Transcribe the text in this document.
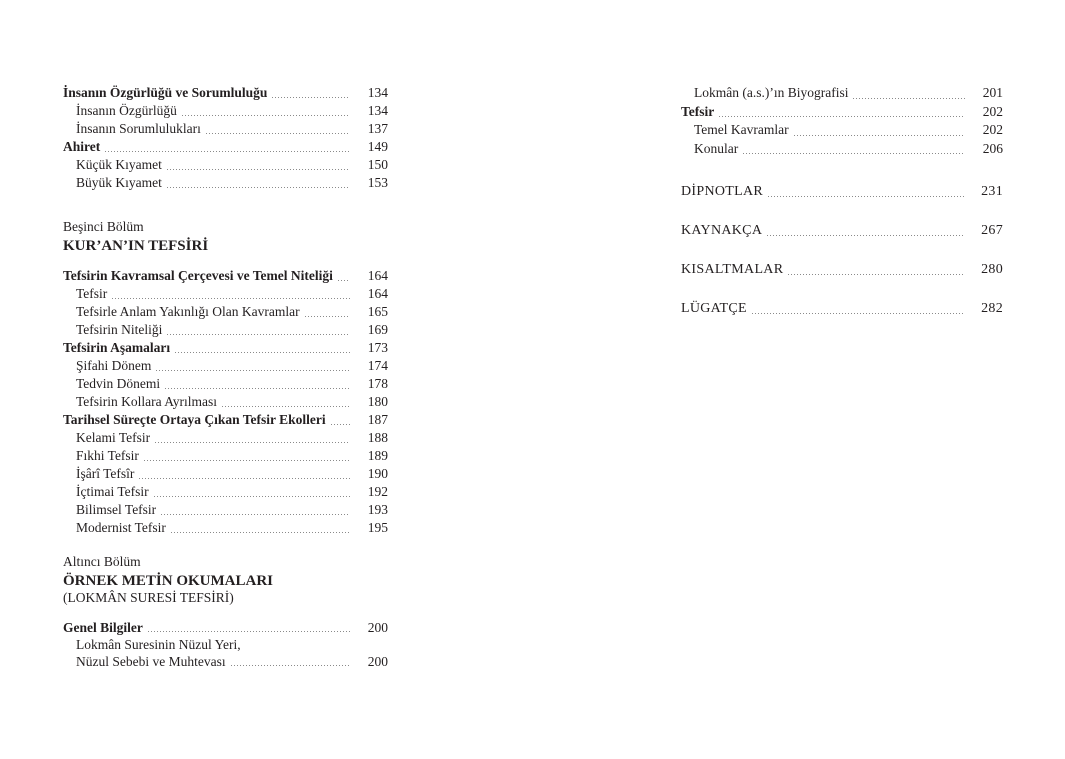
İnsanın Özgürlüğü ve Sorumluluğu	134
İnsanın Özgürlüğü	134
İnsanın Sorumlulukları	137
Ahiret	149
Küçük Kıyamet	150
Büyük Kıyamet	153
Beşinci Bölüm
KUR’AN’IN TEFSİRİ
Tefsirin Kavramsal Çerçevesi ve Temel Niteliği	164
Tefsir	164
Tefsirle Anlam Yakınlığı Olan Kavramlar	165
Tefsirin Niteliği	169
Tefsirin Aşamaları	173
Şifahi Dönem	174
Tedvin Dönemi	178
Tefsirin Kollara Ayrılması	180
Tarihsel Süreçte Ortaya Çıkan Tefsir Ekolleri	187
Kelami Tefsir	188
Fıkhi Tefsir	189
İşârî Tefsîr	190
İçtimai Tefsir	192
Bilimsel Tefsir	193
Modernist Tefsir	195
Altıncı Bölüm
ÖRNEK METİN OKUMALARI
(LOKMÂN SURESİ TEFSİRİ)
Genel Bilgiler	200
Lokmân Suresinin Nüzul Yeri,
Nüzul Sebebi ve Muhtevası	200
Lokmân (a.s.)’ın Biyografisi	201
Tefsir	202
Temel Kavramlar	202
Konular	206
DİPNOTLAR	231
KAYNAKÇA	267
KISALTMALAR	280
LÜGATÇE	282
